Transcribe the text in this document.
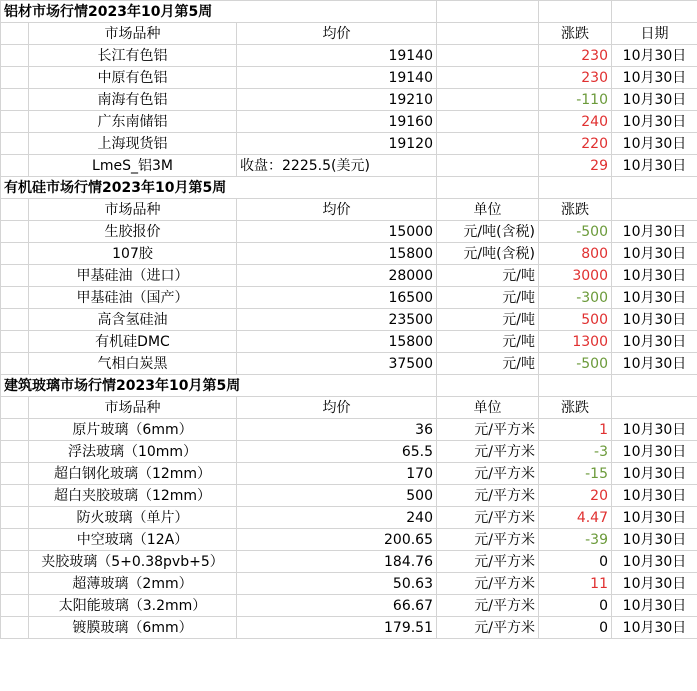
铝材市场行情2023年10月第5周					
	市场品种	均价		涨跌	日期
	长江有色铝	19140		230	10月30日
	中原有色铝	19140		230	10月30日
	南海有色铝	19210		-110	10月30日
	广东南储铝	19160		240	10月30日
	上海现货铝	19120		220	10月30日
	LmeS_铝3M	收盘：2225.5(美元)		29	10月30日
有机硅市场行情2023年10月第5周					
	市场品种	均价	单位	涨跌	
	生胶报价	15000	元/吨(含税)	-500	10月30日
	107胶	15800	元/吨(含税)	800	10月30日
	甲基硅油（进口）	28000	元/吨	3000	10月30日
	甲基硅油（国产）	16500	元/吨	-300	10月30日
	高含氢硅油	23500	元/吨	500	10月30日
	有机硅DMC	15800	元/吨	1300	10月30日
	气相白炭黑	37500	元/吨	-500	10月30日
建筑玻璃市场行情2023年10月第5周					
	市场品种	均价	单位	涨跌	
	原片玻璃（6mm）	36	元/平方米	1	10月30日
	浮法玻璃（10mm）	65.5	元/平方米	-3	10月30日
	超白钢化玻璃（12mm）	170	元/平方米	-15	10月30日
	超白夹胶玻璃（12mm）	500	元/平方米	20	10月30日
	防火玻璃（单片）	240	元/平方米	4.47	10月30日
	中空玻璃（12A）	200.65	元/平方米	-39	10月30日
	夹胶玻璃（5+0.38pvb+5）	184.76	元/平方米	0	10月30日
	超薄玻璃（2mm）	50.63	元/平方米	11	10月30日
	太阳能玻璃（3.2mm）	66.67	元/平方米	0	10月30日
	镀膜玻璃（6mm）	179.51	元/平方米	0	10月30日
